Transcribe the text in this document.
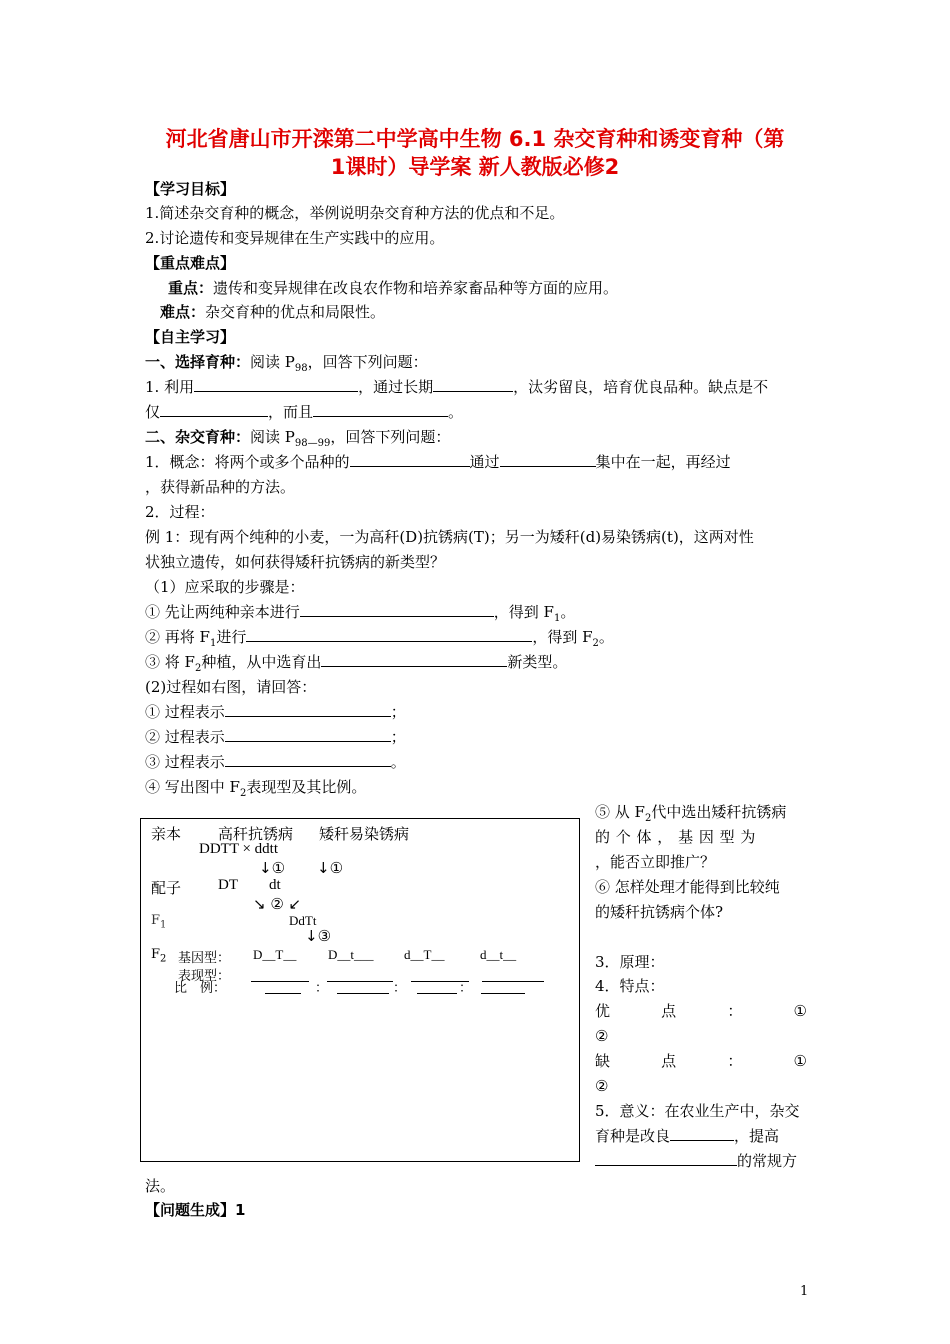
河北省唐山市开滦第二中学高中生物 6.1 杂交育种和诱变育种（第
1课时）导学案 新人教版必修2
【学习目标】
1.简述杂交育种的概念，举例说明杂交育种方法的优点和不足。
2.讨论遗传和变异规律在生产实践中的应用。
【重点难点】
重点：遗传和变异规律在改良农作物和培养家畜品种等方面的应用。
难点：杂交育种的优点和局限性。
【自主学习】
一、选择育种：阅读 $P_{98}$，回答下列问题：
1. 利用	，通过长期	，汰劣留良，培育优良品种。缺点是不
仅	，而且	。
二、杂交育种：阅读 $P_{98—99}$，回答下列问题：
1．概念：将两个或多个品种的	通过	集中在一起，再经过
，获得新品种的方法。
2．过程：
例 1：现有两个纯种的小麦，一为高秆(D)抗锈病(T)；另一为矮秆(d)易染锈病(t)，这两对性
状独立遗传，如何获得矮秆抗锈病的新类型？
（1）应采取的步骤是：
① 先让两纯种亲本进行	，得到 $F_1$。
② 再将 $F_1$进行	，得到 $F_2$。
③ 将 $F_2$种植，从中选育出	新类型。
(2)过程如右图，请回答：
① 过程表示	；
② 过程表示	；
③ 过程表示	。
④ 写出图中 $F_2$表现型及其比例。
亲本 高秆抗锈病 矮秆易染锈病
DDTT × ddtt
↓① ↓①
配子 DT dt
↘ ② ↙
$F_1$	DdTt
↓③
$F_2$ 基因型： D__T__ D__t___ d__T__	d__t__
表现型：
比　例：	：	：	：
⑤ 从 $F_2$代中选出矮秆抗锈病
的 个 体 ， 基 因 型 为
，能否立即推广？
⑥ 怎样处理才能得到比较纯
的矮秆抗锈病个体?
3．原理：
4．特点：
优	点	：	①
②
缺	点	：	①
②
5．意义：在农业生产中，杂交
育种是改良	，提高
的常规方
法。
【问题生成】1
1
